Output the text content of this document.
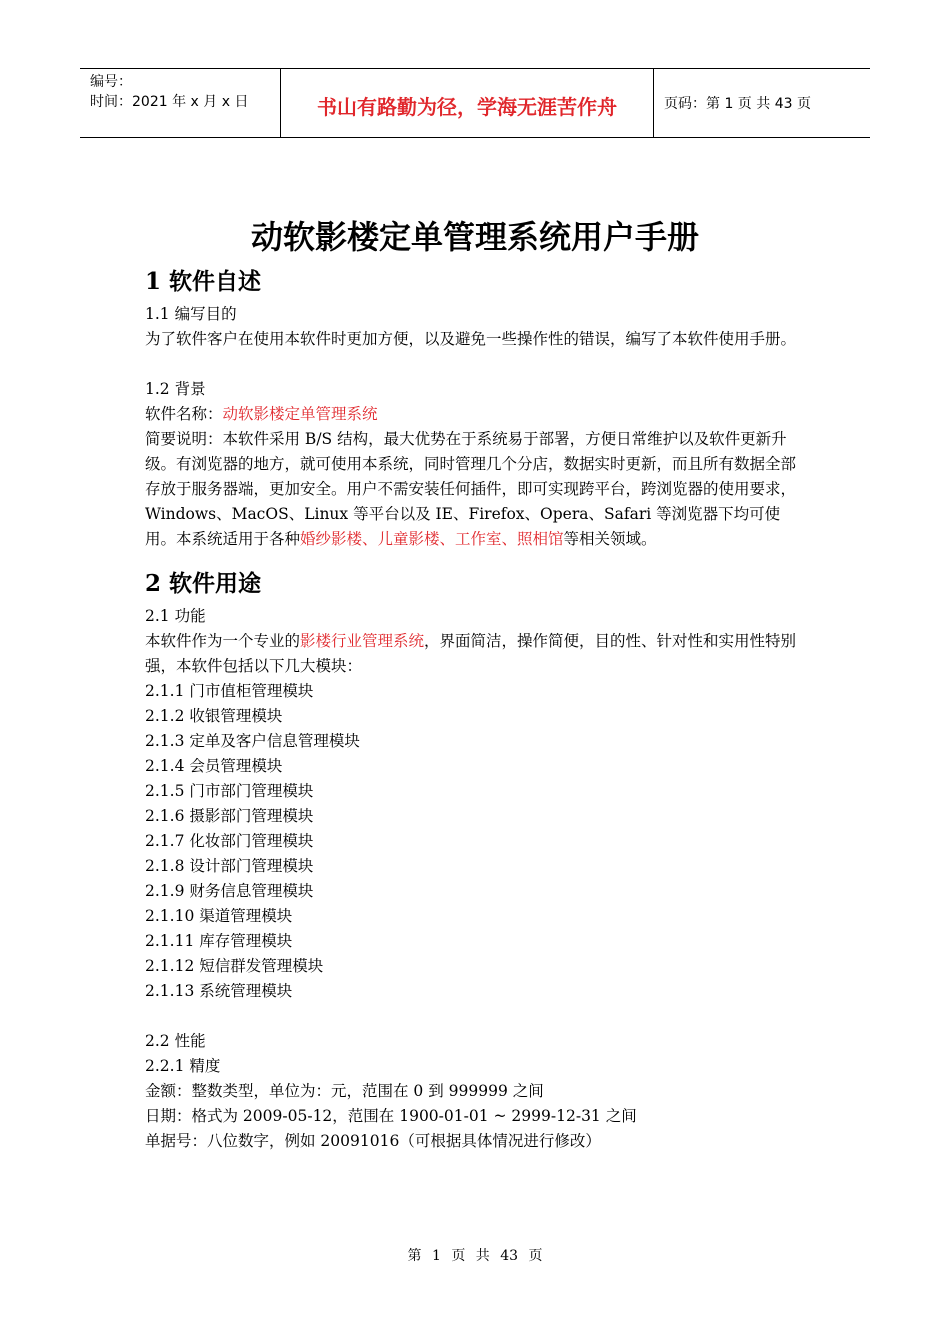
编号：
时间：2021 年 x 月 x 日	书山有路勤为径，学海无涯苦作舟	页码：第 1 页 共 43 页
动软影楼定单管理系统用户手册
1 软件自述

1.1 编写目的

为了软件客户在使用本软件时更加方便，以及避免一些操作性的错误，编写了本软件使用手册。

1.2 背景

软件名称：动软影楼定单管理系统

简要说明：本软件采用 B/S 结构，最大优势在于系统易于部署，方便日常维护以及软件更新升级。有浏览器的地方，就可使用本系统，同时管理几个分店，数据实时更新，而且所有数据全部存放于服务器端，更加安全。用户不需安装任何插件，即可实现跨平台，跨浏览器的使用要求，Windows、MacOS、Linux 等平台以及 IE、Firefox、Opera、Safari 等浏览器下均可使用。本系统适用于各种婚纱影楼、儿童影楼、工作室、照相馆等相关领域。

2 软件用途

2.1 功能

本软件作为一个专业的影楼行业管理系统，界面简洁，操作简便，目的性、针对性和实用性特别强，本软件包括以下几大模块：

2.1.1 门市值柜管理模块

2.1.2 收银管理模块

2.1.3 定单及客户信息管理模块

2.1.4 会员管理模块

2.1.5 门市部门管理模块

2.1.6 摄影部门管理模块

2.1.7 化妆部门管理模块

2.1.8 设计部门管理模块

2.1.9 财务信息管理模块

2.1.10 渠道管理模块

2.1.11 库存管理模块

2.1.12 短信群发管理模块

2.1.13 系统管理模块

2.2 性能

2.2.1 精度

金额：整数类型，单位为：元，范围在 0 到 999999 之间

日期：格式为 2009-05-12，范围在 1900-01-01 ~ 2999-12-31 之间

单据号：八位数字，例如 20091016（可根据具体情况进行修改）

第 1 页 共 43 页
